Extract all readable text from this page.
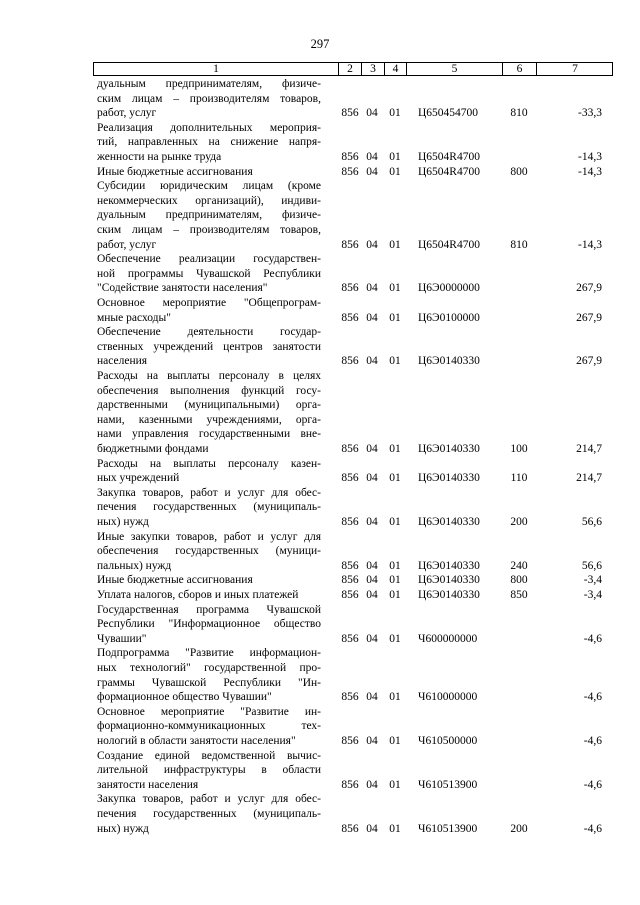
297
1	2	3	4	5	6	7
дуальным предпринимателям, физиче-
ским лицам – производителям товаров,
работ, услуг	856 04	01	Ц650454700	810	-33,3
Реализация дополнительных мероприя-
тий, направленных на снижение напря-
женности на рынке труда	856 04	01	Ц6504R4700	-14,3
Иные бюджетные ассигнования	856 04	01	Ц6504R4700	800	-14,3
Субсидии юридическим лицам (кроме
некоммерческих организаций), индиви-
дуальным предпринимателям, физиче-
ским лицам – производителям товаров,
работ, услуг	856 04	01	Ц6504R4700	810	-14,3
Обеспечение реализации государствен-
ной программы Чувашской Республики
"Содействие занятости населения"	856 04	01	Ц6Э0000000	267,9
Основное мероприятие "Общепрограм-
мные расходы"	856 04	01	Ц6Э0100000	267,9
Обеспечение деятельности государ-
ственных учреждений центров занятости
населения	856 04	01	Ц6Э0140330	267,9
Расходы на выплаты персоналу в целях
обеспечения выполнения функций госу-
дарственными (муниципальными) орга-
нами, казенными учреждениями, орга-
нами управления государственными вне-
бюджетными фондами	856 04	01	Ц6Э0140330	100	214,7
Расходы на выплаты персоналу казен-
ных учреждений	856 04	01	Ц6Э0140330	110	214,7
Закупка товаров, работ и услуг для обес-
печения государственных (муниципаль-
ных) нужд	856 04	01	Ц6Э0140330	200	56,6
Иные закупки товаров, работ и услуг для
обеспечения государственных (муници-
пальных) нужд	856 04	01	Ц6Э0140330	240	56,6
Иные бюджетные ассигнования	856 04	01	Ц6Э0140330	800	-3,4
Уплата налогов, сборов и иных платежей	856 04	01	Ц6Э0140330	850	-3,4
Государственная программа Чувашской
Республики "Информационное общество
Чувашии"	856 04	01	Ч600000000	-4,6
Подпрограмма "Развитие информацион-
ных технологий" государственной про-
граммы Чувашской Республики "Ин-
формационное общество Чувашии"	856 04	01	Ч610000000	-4,6
Основное мероприятие "Развитие ин-
формационно-коммуникационных тех-
нологий в области занятости населения"	856 04	01	Ч610500000	-4,6
Создание единой ведомственной вычис-
лительной инфраструктуры в области
занятости населения	856 04	01	Ч610513900	-4,6
Закупка товаров, работ и услуг для обес-
печения государственных (муниципаль-
ных) нужд	856 04	01	Ч610513900	200	-4,6
